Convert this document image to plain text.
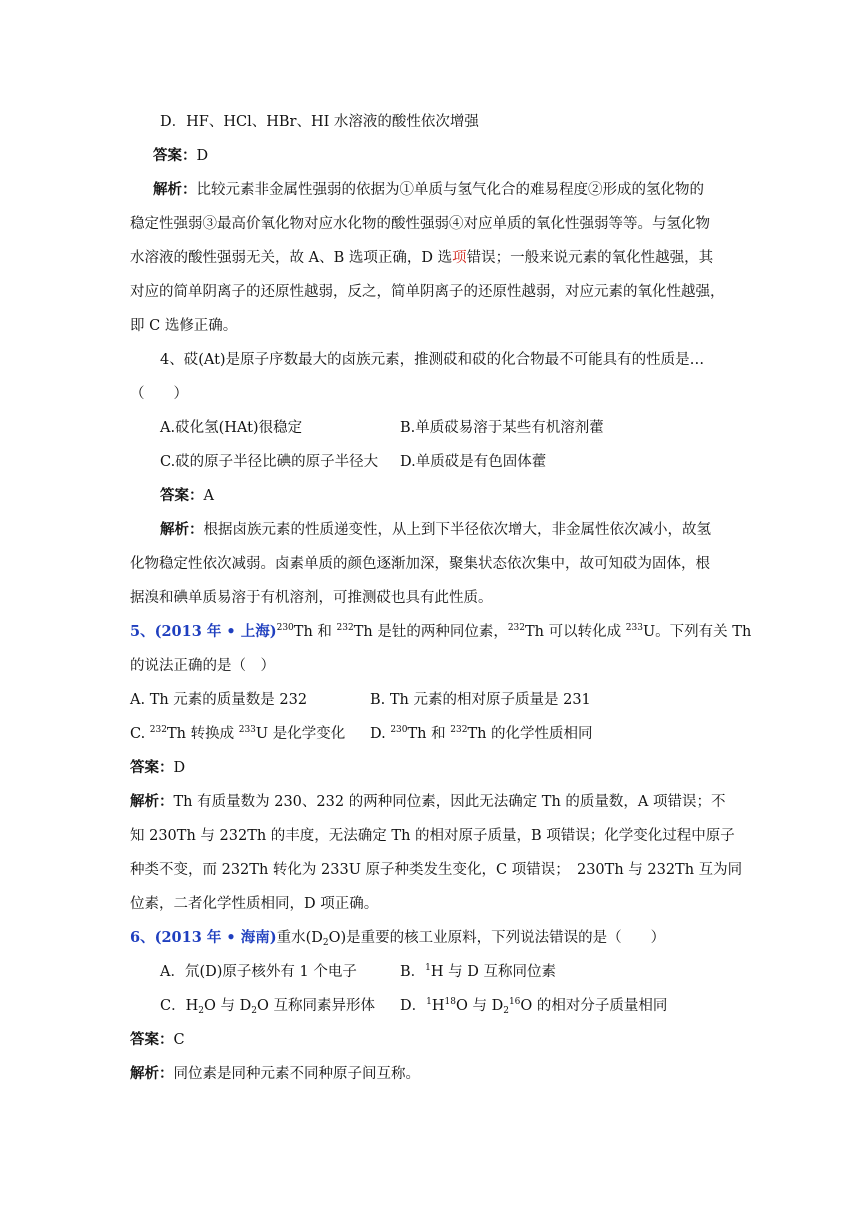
D．HF、HCl、HBr、HI 水溶液的酸性依次增强
答案：D
解析：比较元素非金属性强弱的依据为①单质与氢气化合的难易程度②形成的氢化物的
稳定性强弱③最高价氧化物对应水化物的酸性强弱④对应单质的氧化性强弱等等。与氢化物
水溶液的酸性强弱无关，故 A、B 选项正确，D 选项错误；一般来说元素的氧化性越强，其
对应的简单阴离子的还原性越弱，反之，简单阴离子的还原性越弱，对应元素的氧化性越强，
即 C 选修正确。
4、砹(At)是原子序数最大的卤族元素，推测砹和砹的化合物最不可能具有的性质是…
（　　）
A.砹化氢(HAt)很稳定	B.单质砹易溶于某些有机溶剂藿
C.砹的原子半径比碘的原子半径大 D.单质砹是有色固体藿
答案：A
解析：根据卤族元素的性质递变性，从上到下半径依次增大，非金属性依次减小，故氢
化物稳定性依次减弱。卤素单质的颜色逐渐加深，聚集状态依次集中，故可知砹为固体，根
据溴和碘单质易溶于有机溶剂，可推测砹也具有此性质。
5、(2013 年 • 上海)$^{230}$Th 和 $^{232}$Th 是钍的两种同位素，$^{232}$Th 可以转化成 $^{233}$U。下列有关 Th
的说法正确的是（　）
A. Th 元素的质量数是 232	B. Th 元素的相对原子质量是 231
C. $^{232}$Th 转换成 $^{233}$U 是化学变化 D. $^{230}$Th 和 $^{232}$Th 的化学性质相同
答案：D
解析：Th 有质量数为 230、232 的两种同位素，因此无法确定 Th 的质量数，A 项错误；不
知 230Th 与 232Th 的丰度，无法确定 Th 的相对原子质量，B 项错误；化学变化过程中原子
种类不变，而 232Th 转化为 233U 原子种类发生变化，C 项错误；　230Th 与 232Th 互为同
位素，二者化学性质相同，D 项正确。
6、(2013 年 • 海南)重水$(D_2O)$是重要的核工业原料，下列说法错误的是（　　）
A．氘(D)原子核外有 1 个电子	B．$^1$H 与 D 互称同位素
C．$H_2O$ 与 $D_2O$ 互称同素异形体 D．$^1H^{18}O$ 与 $D_2^{16}O$ 的相对分子质量相同
答案：C
解析：同位素是同种元素不同种原子间互称。
